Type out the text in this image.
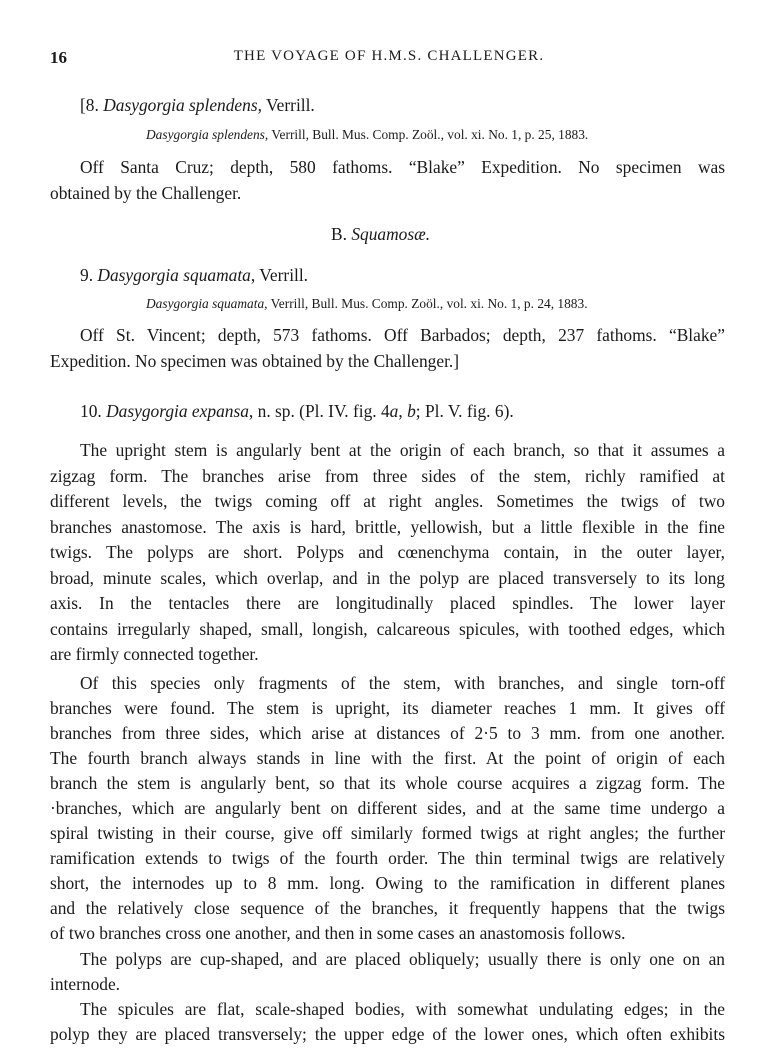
16	THE VOYAGE OF H.M.S. CHALLENGER.
[8. Dasygorgia splendens, Verrill.
Dasygorgia splendens, Verrill, Bull. Mus. Comp. Zoöl., vol. xi. No. 1, p. 25, 1883.
Off Santa Cruz; depth, 580 fathoms. “Blake” Expedition. No specimen was
obtained by the Challenger.
B. Squamosæ.
9. Dasygorgia squamata, Verrill.
Dasygorgia squamata, Verrill, Bull. Mus. Comp. Zoöl., vol. xi. No. 1, p. 24, 1883.
Off St. Vincent; depth, 573 fathoms. Off Barbados; depth, 237 fathoms. “Blake”
Expedition. No specimen was obtained by the Challenger.]
10. Dasygorgia expansa, n. sp. (Pl. IV. fig. 4a, b; Pl. V. fig. 6).
The upright stem is angularly bent at the origin of each branch, so that it assumes a
zigzag form. The branches arise from three sides of the stem, richly ramified at
different levels, the twigs coming off at right angles. Sometimes the twigs of two
branches anastomose. The axis is hard, brittle, yellowish, but a little flexible in the fine
twigs. The polyps are short. Polyps and cœnenchyma contain, in the outer layer,
broad, minute scales, which overlap, and in the polyp are placed transversely to its long
axis. In the tentacles there are longitudinally placed spindles. The lower layer
contains irregularly shaped, small, longish, calcareous spicules, with toothed edges, which
are firmly connected together.
Of this species only fragments of the stem, with branches, and single torn-off
branches were found. The stem is upright, its diameter reaches 1 mm. It gives off
branches from three sides, which arise at distances of 2·5 to 3 mm. from one another.
The fourth branch always stands in line with the first. At the point of origin of each
branch the stem is angularly bent, so that its whole course acquires a zigzag form. The
·branches, which are angularly bent on different sides, and at the same time undergo a
spiral twisting in their course, give off similarly formed twigs at right angles; the further
ramification extends to twigs of the fourth order. The thin terminal twigs are relatively
short, the internodes up to 8 mm. long. Owing to the ramification in different planes
and the relatively close sequence of the branches, it frequently happens that the twigs
of two branches cross one another, and then in some cases an anastomosis follows.
The polyps are cup-shaped, and are placed obliquely; usually there is only one on an
internode.
The spicules are flat, scale-shaped bodies, with somewhat undulating edges; in the
polyp they are placed transversely; the upper edge of the lower ones, which often exhibits
